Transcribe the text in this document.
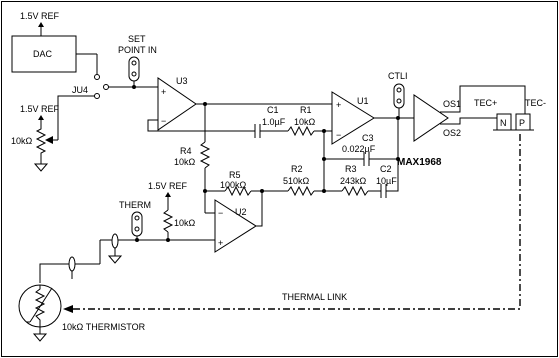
1.5V REF
DAC
1.5V REF
10kΩ
JU4
SET
POINT IN
U3
+
−
R4
10kΩ
R5
100kΩ
C1
1.0µF
R1
10kΩ
U1
+
− C3
0.022µF
R2
510kΩ
R3
243kΩ
C2
10µF
CTLI
MAX1968
OS1
OS2
TEC+	TEC-
N P
U2
−
+
1.5V REF
10kΩ
THERM
10kΩ THERMISTOR
THERMAL LINK
